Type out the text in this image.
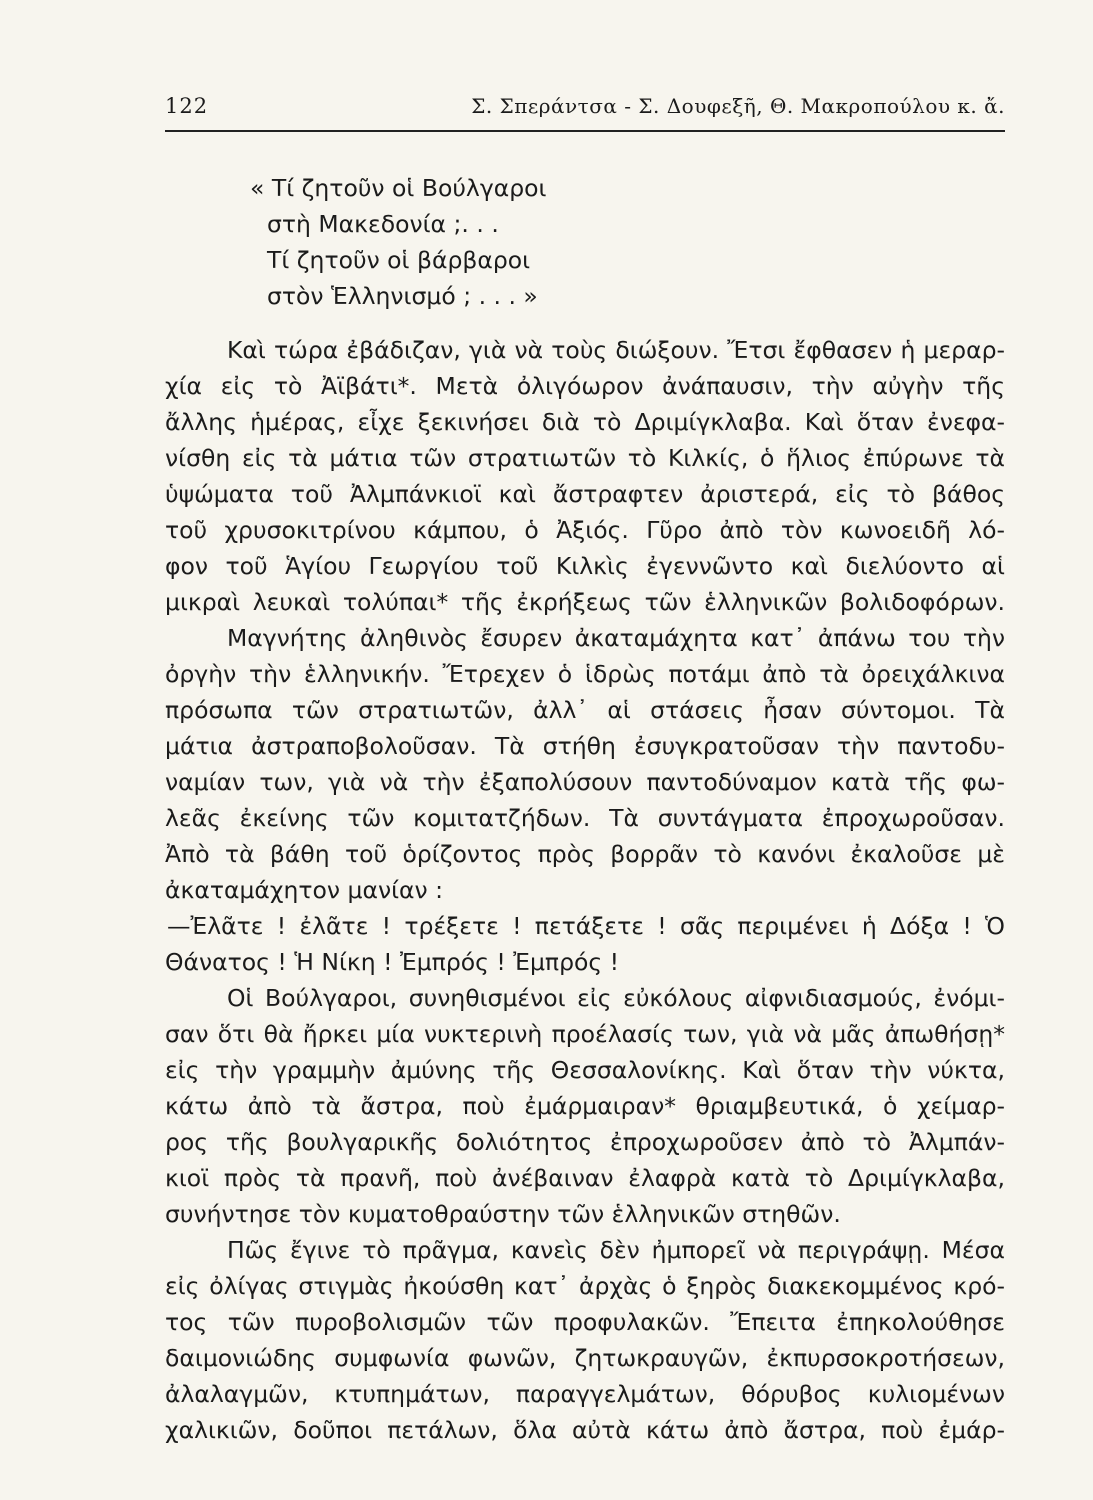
122	Σ. Σπεράντσα - Σ. Δουφεξῆ, Θ. Μακροπούλου κ. ἄ.
« Τί ζητοῦν οἱ Βούλγαροι
στὴ Μακεδονία ;. . .
Τί ζητοῦν οἱ βάρβαροι
στὸν Ἑλληνισμό ; . . . »
Καὶ τώρα ἐβάδιζαν, γιὰ νὰ τοὺς διώξουν. Ἔτσι ἔφθασεν ἡ μεραρ-
χία εἰς τὸ Ἀϊβάτι*. Μετὰ ὀλιγόωρον ἀνάπαυσιν, τὴν αὐγὴν τῆς
ἄλλης ἡμέρας, εἶχε ξεκινήσει διὰ τὸ Δριμίγκλαβα. Καὶ ὅταν ἐνεφα-
νίσθη εἰς τὰ μάτια τῶν στρατιωτῶν τὸ Κιλκίς, ὁ ἥλιος ἐπύρωνε τὰ
ὑψώματα τοῦ Ἀλμπάνκιοϊ καὶ ἄστραφτεν ἀριστερά, εἰς τὸ βάθος
τοῦ χρυσοκιτρίνου κάμπου, ὁ Ἀξιός. Γῦρο ἀπὸ τὸν κωνοειδῆ λό-
φον τοῦ Ἁγίου Γεωργίου τοῦ Κιλκὶς ἐγεννῶντο καὶ διελύοντο αἱ
μικραὶ λευκαὶ τολύπαι* τῆς ἐκρήξεως τῶν ἑλληνικῶν βολιδοφόρων.
Μαγνήτης ἀληθινὸς ἔσυρεν ἀκαταμάχητα κατ᾿ ἀπάνω του τὴν
ὀργὴν τὴν ἑλληνικήν. Ἔτρεχεν ὁ ἱδρὼς ποτάμι ἀπὸ τὰ ὀρειχάλκινα
πρόσωπα τῶν στρατιωτῶν, ἀλλ᾿ αἱ στάσεις ἦσαν σύντομοι. Τὰ
μάτια ἀστραποβολοῦσαν. Τὰ στήθη ἐσυγκρατοῦσαν τὴν παντοδυ-
ναμίαν των, γιὰ νὰ τὴν ἐξαπολύσουν παντοδύναμον κατὰ τῆς φω-
λεᾶς ἐκείνης τῶν κομιτατζήδων. Τὰ συντάγματα ἐπροχωροῦσαν.
Ἀπὸ τὰ βάθη τοῦ ὁρίζοντος πρὸς βορρᾶν τὸ κανόνι ἐκαλοῦσε μὲ
ἀκαταμάχητον μανίαν :
—Ἐλᾶτε ! ἐλᾶτε ! τρέξετε ! πετάξετε ! σᾶς περιμένει ἡ Δόξα ! Ὁ
Θάνατος ! Ἡ Νίκη ! Ἐμπρός ! Ἐμπρός !
Οἱ Βούλγαροι, συνηθισμένοι εἰς εὐκόλους αἰφνιδιασμούς, ἐνόμι-
σαν ὅτι θὰ ἤρκει μία νυκτερινὴ προέλασίς των, γιὰ νὰ μᾶς ἀπωθήσῃ*
εἰς τὴν γραμμὴν ἀμύνης τῆς Θεσσαλονίκης. Καὶ ὅταν τὴν νύκτα,
κάτω ἀπὸ τὰ ἄστρα, ποὺ ἐμάρμαιραν* θριαμβευτικά, ὁ χείμαρ-
ρος τῆς βουλγαρικῆς δολιότητος ἐπροχωροῦσεν ἀπὸ τὸ Ἀλμπάν-
κιοϊ πρὸς τὰ πρανῆ, ποὺ ἀνέβαιναν ἐλαφρὰ κατὰ τὸ Δριμίγκλαβα,
συνήντησε τὸν κυματοθραύστην τῶν ἑλληνικῶν στηθῶν.
Πῶς ἔγινε τὸ πρᾶγμα, κανεὶς δὲν ἠμπορεῖ νὰ περιγράψῃ. Μέσα
εἰς ὀλίγας στιγμὰς ἠκούσθη κατ᾿ ἀρχὰς ὁ ξηρὸς διακεκομμένος κρό-
τος τῶν πυροβολισμῶν τῶν προφυλακῶν. Ἔπειτα ἐπηκολούθησε
δαιμονιώδης συμφωνία φωνῶν, ζητωκραυγῶν, ἐκπυρσοκροτήσεων,
ἀλαλαγμῶν, κτυπημάτων, παραγγελμάτων, θόρυβος κυλιομένων
χαλικιῶν, δοῦποι πετάλων, ὅλα αὐτὰ κάτω ἀπὸ ἄστρα, ποὺ ἐμάρ-
